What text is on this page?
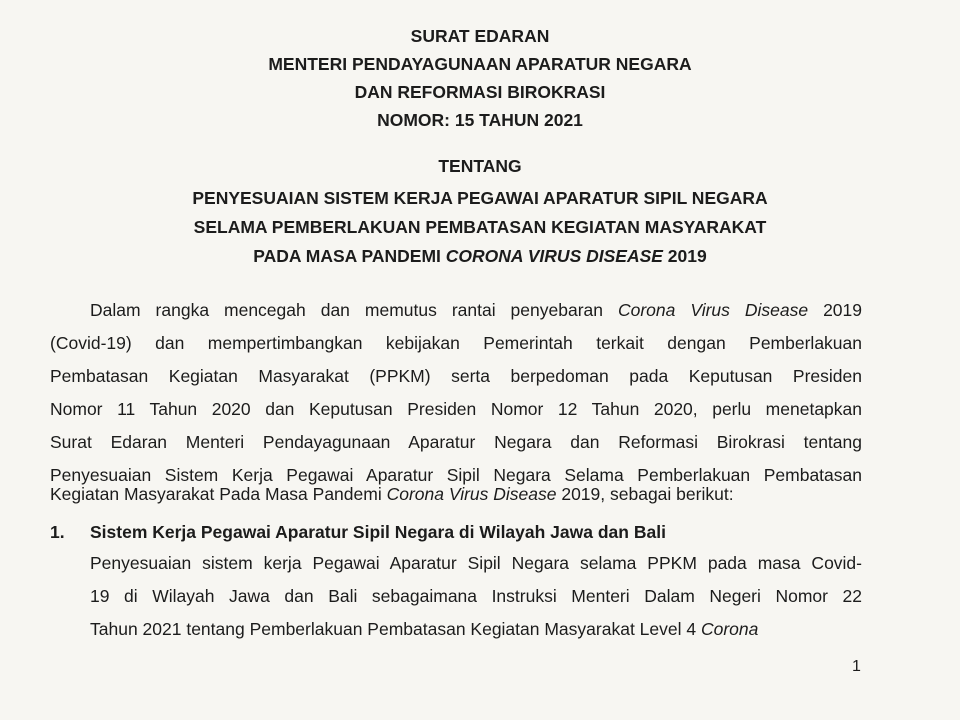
SURAT EDARAN
MENTERI PENDAYAGUNAAN APARATUR NEGARA
DAN REFORMASI BIROKRASI
NOMOR: 15 TAHUN 2021
TENTANG
PENYESUAIAN SISTEM KERJA PEGAWAI APARATUR SIPIL NEGARA
SELAMA PEMBERLAKUAN PEMBATASAN KEGIATAN MASYARAKAT
PADA MASA PANDEMI CORONA VIRUS DISEASE 2019
Dalam rangka mencegah dan memutus rantai penyebaran Corona Virus Disease 2019
(Covid-19) dan mempertimbangkan kebijakan Pemerintah terkait dengan Pemberlakuan
Pembatasan Kegiatan Masyarakat (PPKM) serta berpedoman pada Keputusan Presiden
Nomor 11 Tahun 2020 dan Keputusan Presiden Nomor 12 Tahun 2020, perlu menetapkan
Surat Edaran Menteri Pendayagunaan Aparatur Negara dan Reformasi Birokrasi tentang
Penyesuaian Sistem Kerja Pegawai Aparatur Sipil Negara Selama Pemberlakuan Pembatasan
Kegiatan Masyarakat Pada Masa Pandemi Corona Virus Disease 2019, sebagai berikut:
1. Sistem Kerja Pegawai Aparatur Sipil Negara di Wilayah Jawa dan Bali
Penyesuaian sistem kerja Pegawai Aparatur Sipil Negara selama PPKM pada masa Covid-
19 di Wilayah Jawa dan Bali sebagaimana Instruksi Menteri Dalam Negeri Nomor 22
Tahun 2021 tentang Pemberlakuan Pembatasan Kegiatan Masyarakat Level 4 Corona
1
